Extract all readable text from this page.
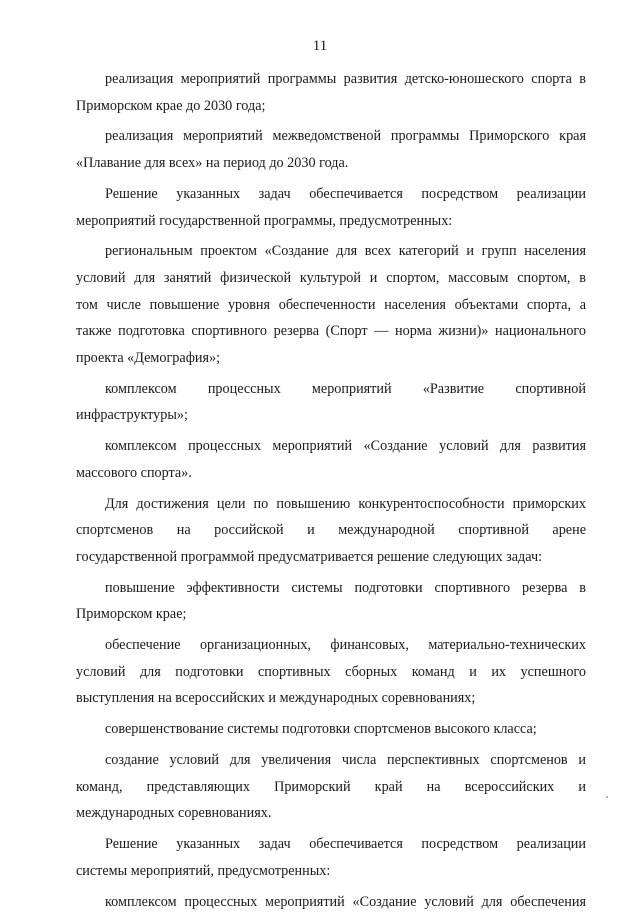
11
реализация мероприятий программы развития детско-юношеского спорта в
Приморском крае до 2030 года;
реализация мероприятий межведомственой программы Приморского края
«Плавание для всех» на период до 2030 года.
Решение указанных задач обеспечивается посредством реализации
мероприятий государственной программы, предусмотренных:
региональным проектом «Создание для всех категорий и групп населения
условий для занятий физической культурой и спортом, массовым спортом, в
том числе повышение уровня обеспеченности населения объектами спорта, а
также подготовка спортивного резерва (Спорт — норма жизни)» национального
проекта «Демография»;
комплексом процессных мероприятий «Развитие спортивной
инфраструктуры»;
комплексом процессных мероприятий «Создание условий для развития
массового спорта».
Для достижения цели по повышению конкурентоспособности приморских
спортсменов на российской и международной спортивной арене
государственной программой предусматривается решение следующих задач:
повышение эффективности системы подготовки спортивного резерва в
Приморском крае;
обеспечение организационных, финансовых, материально-технических
условий для подготовки спортивных сборных команд и их успешного
выступления на всероссийских и международных соревнованиях;
совершенствование системы подготовки спортсменов высокого класса;
создание условий для увеличения числа перспективных спортсменов и
команд, представляющих Приморский край на всероссийских и
международных соревнованиях.
Решение указанных задач обеспечивается посредством реализации
системы мероприятий, предусмотренных:
комплексом процессных мероприятий «Создание условий для обеспечения
